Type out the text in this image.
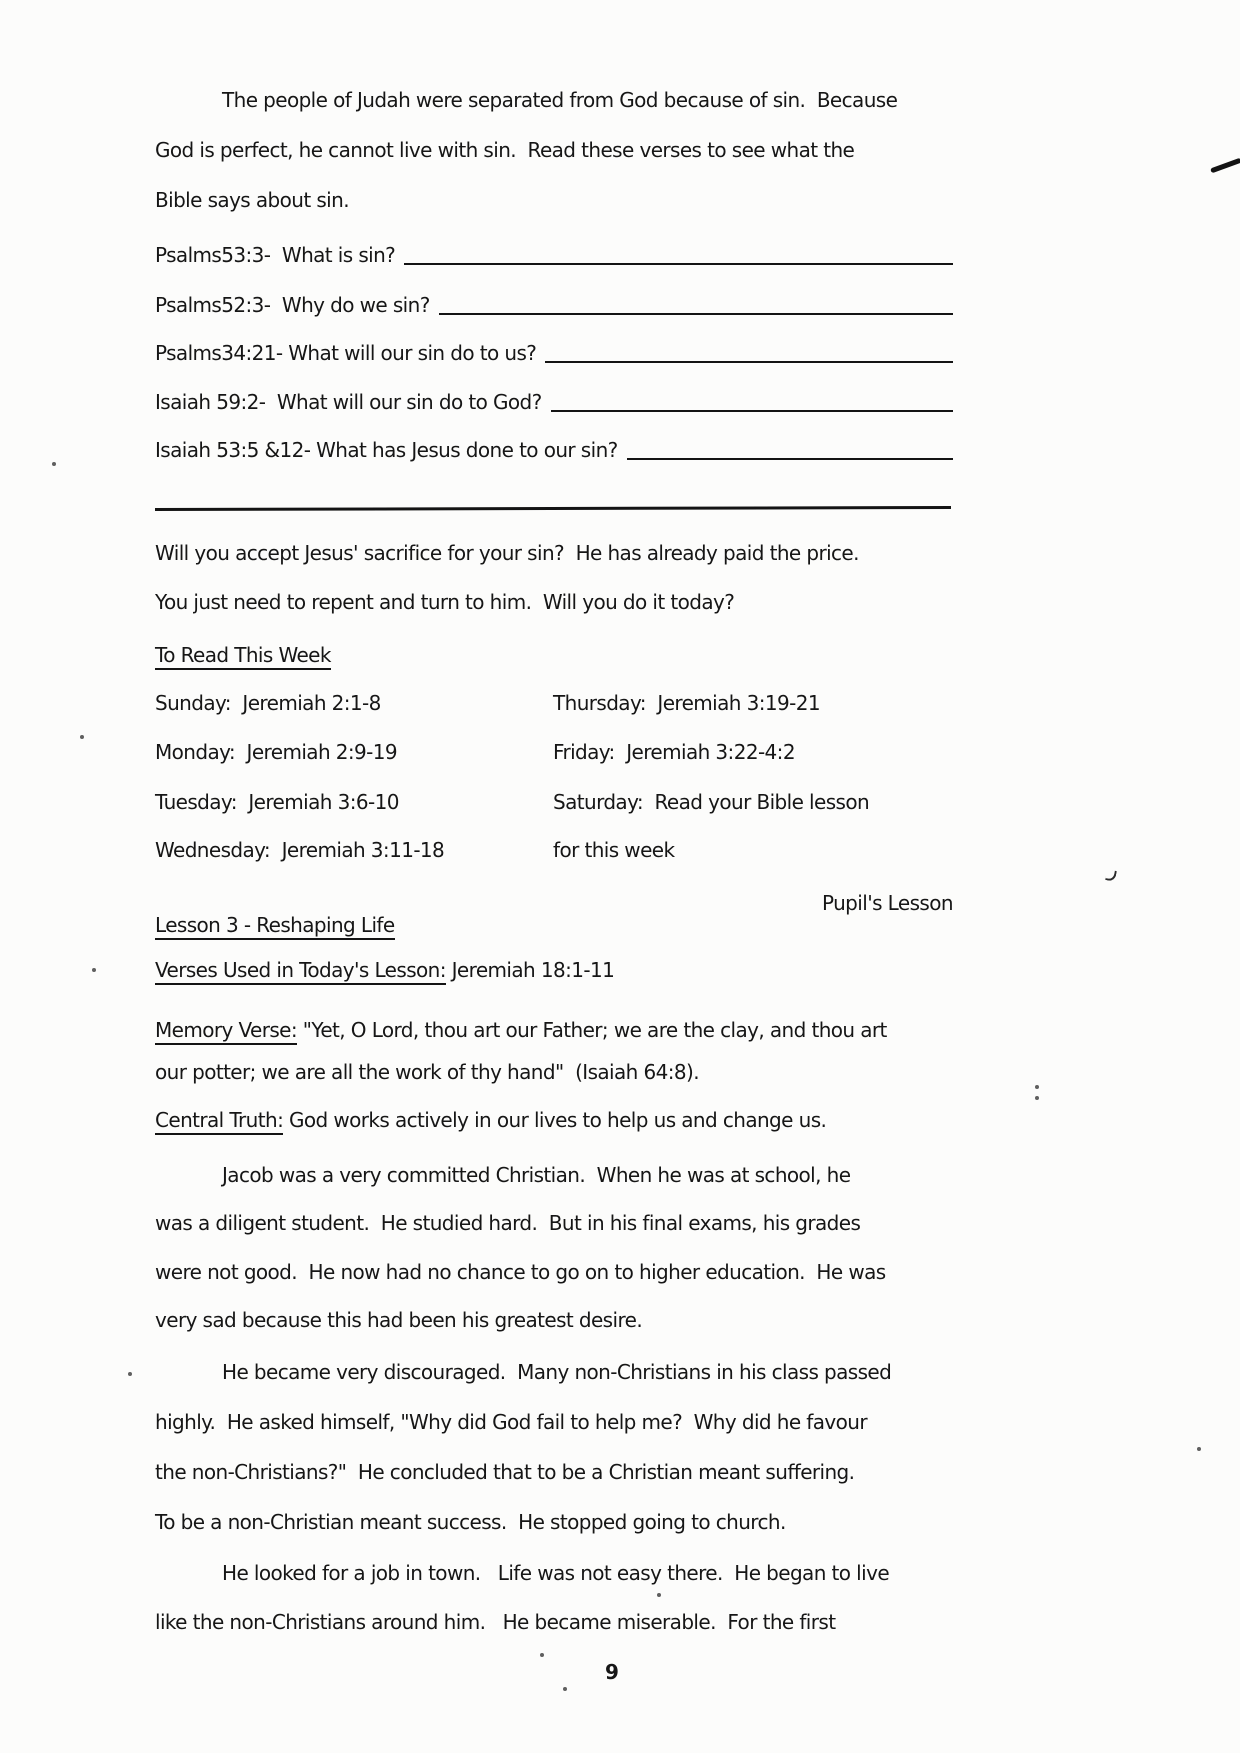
The people of Judah were separated from God because of sin.  Because
God is perfect, he cannot live with sin.  Read these verses to see what the
Bible says about sin.
Psalms53:3-  What is sin?
Psalms52:3-  Why do we sin?
Psalms34:21- What will our sin do to us?
Isaiah 59:2-  What will our sin do to God?
Isaiah 53:5 &12- What has Jesus done to our sin?
Will you accept Jesus' sacrifice for your sin?  He has already paid the price.
You just need to repent and turn to him.  Will you do it today?
To Read This Week
Sunday:  Jeremiah 2:1-8	Thursday:  Jeremiah 3:19-21
Monday:  Jeremiah 2:9-19	Friday:  Jeremiah 3:22-4:2
Tuesday:  Jeremiah 3:6-10	Saturday:  Read your Bible lesson
Wednesday:  Jeremiah 3:11-18	for this week
Pupil's Lesson
Lesson 3 - Reshaping Life
Verses Used in Today's Lesson: Jeremiah 18:1-11
Memory Verse: "Yet, O Lord, thou art our Father; we are the clay, and thou art
our potter; we are all the work of thy hand"  (Isaiah 64:8).
Central Truth: God works actively in our lives to help us and change us.
Jacob was a very committed Christian.  When he was at school, he
was a diligent student.  He studied hard.  But in his final exams, his grades
were not good.  He now had no chance to go on to higher education.  He was
very sad because this had been his greatest desire.
He became very discouraged.  Many non-Christians in his class passed
highly.  He asked himself, "Why did God fail to help me?  Why did he favour
the non-Christians?"  He concluded that to be a Christian meant suffering.
To be a non-Christian meant success.  He stopped going to church.
He looked for a job in town.   Life was not easy there.  He began to live
like the non-Christians around him.   He became miserable.  For the first
9
